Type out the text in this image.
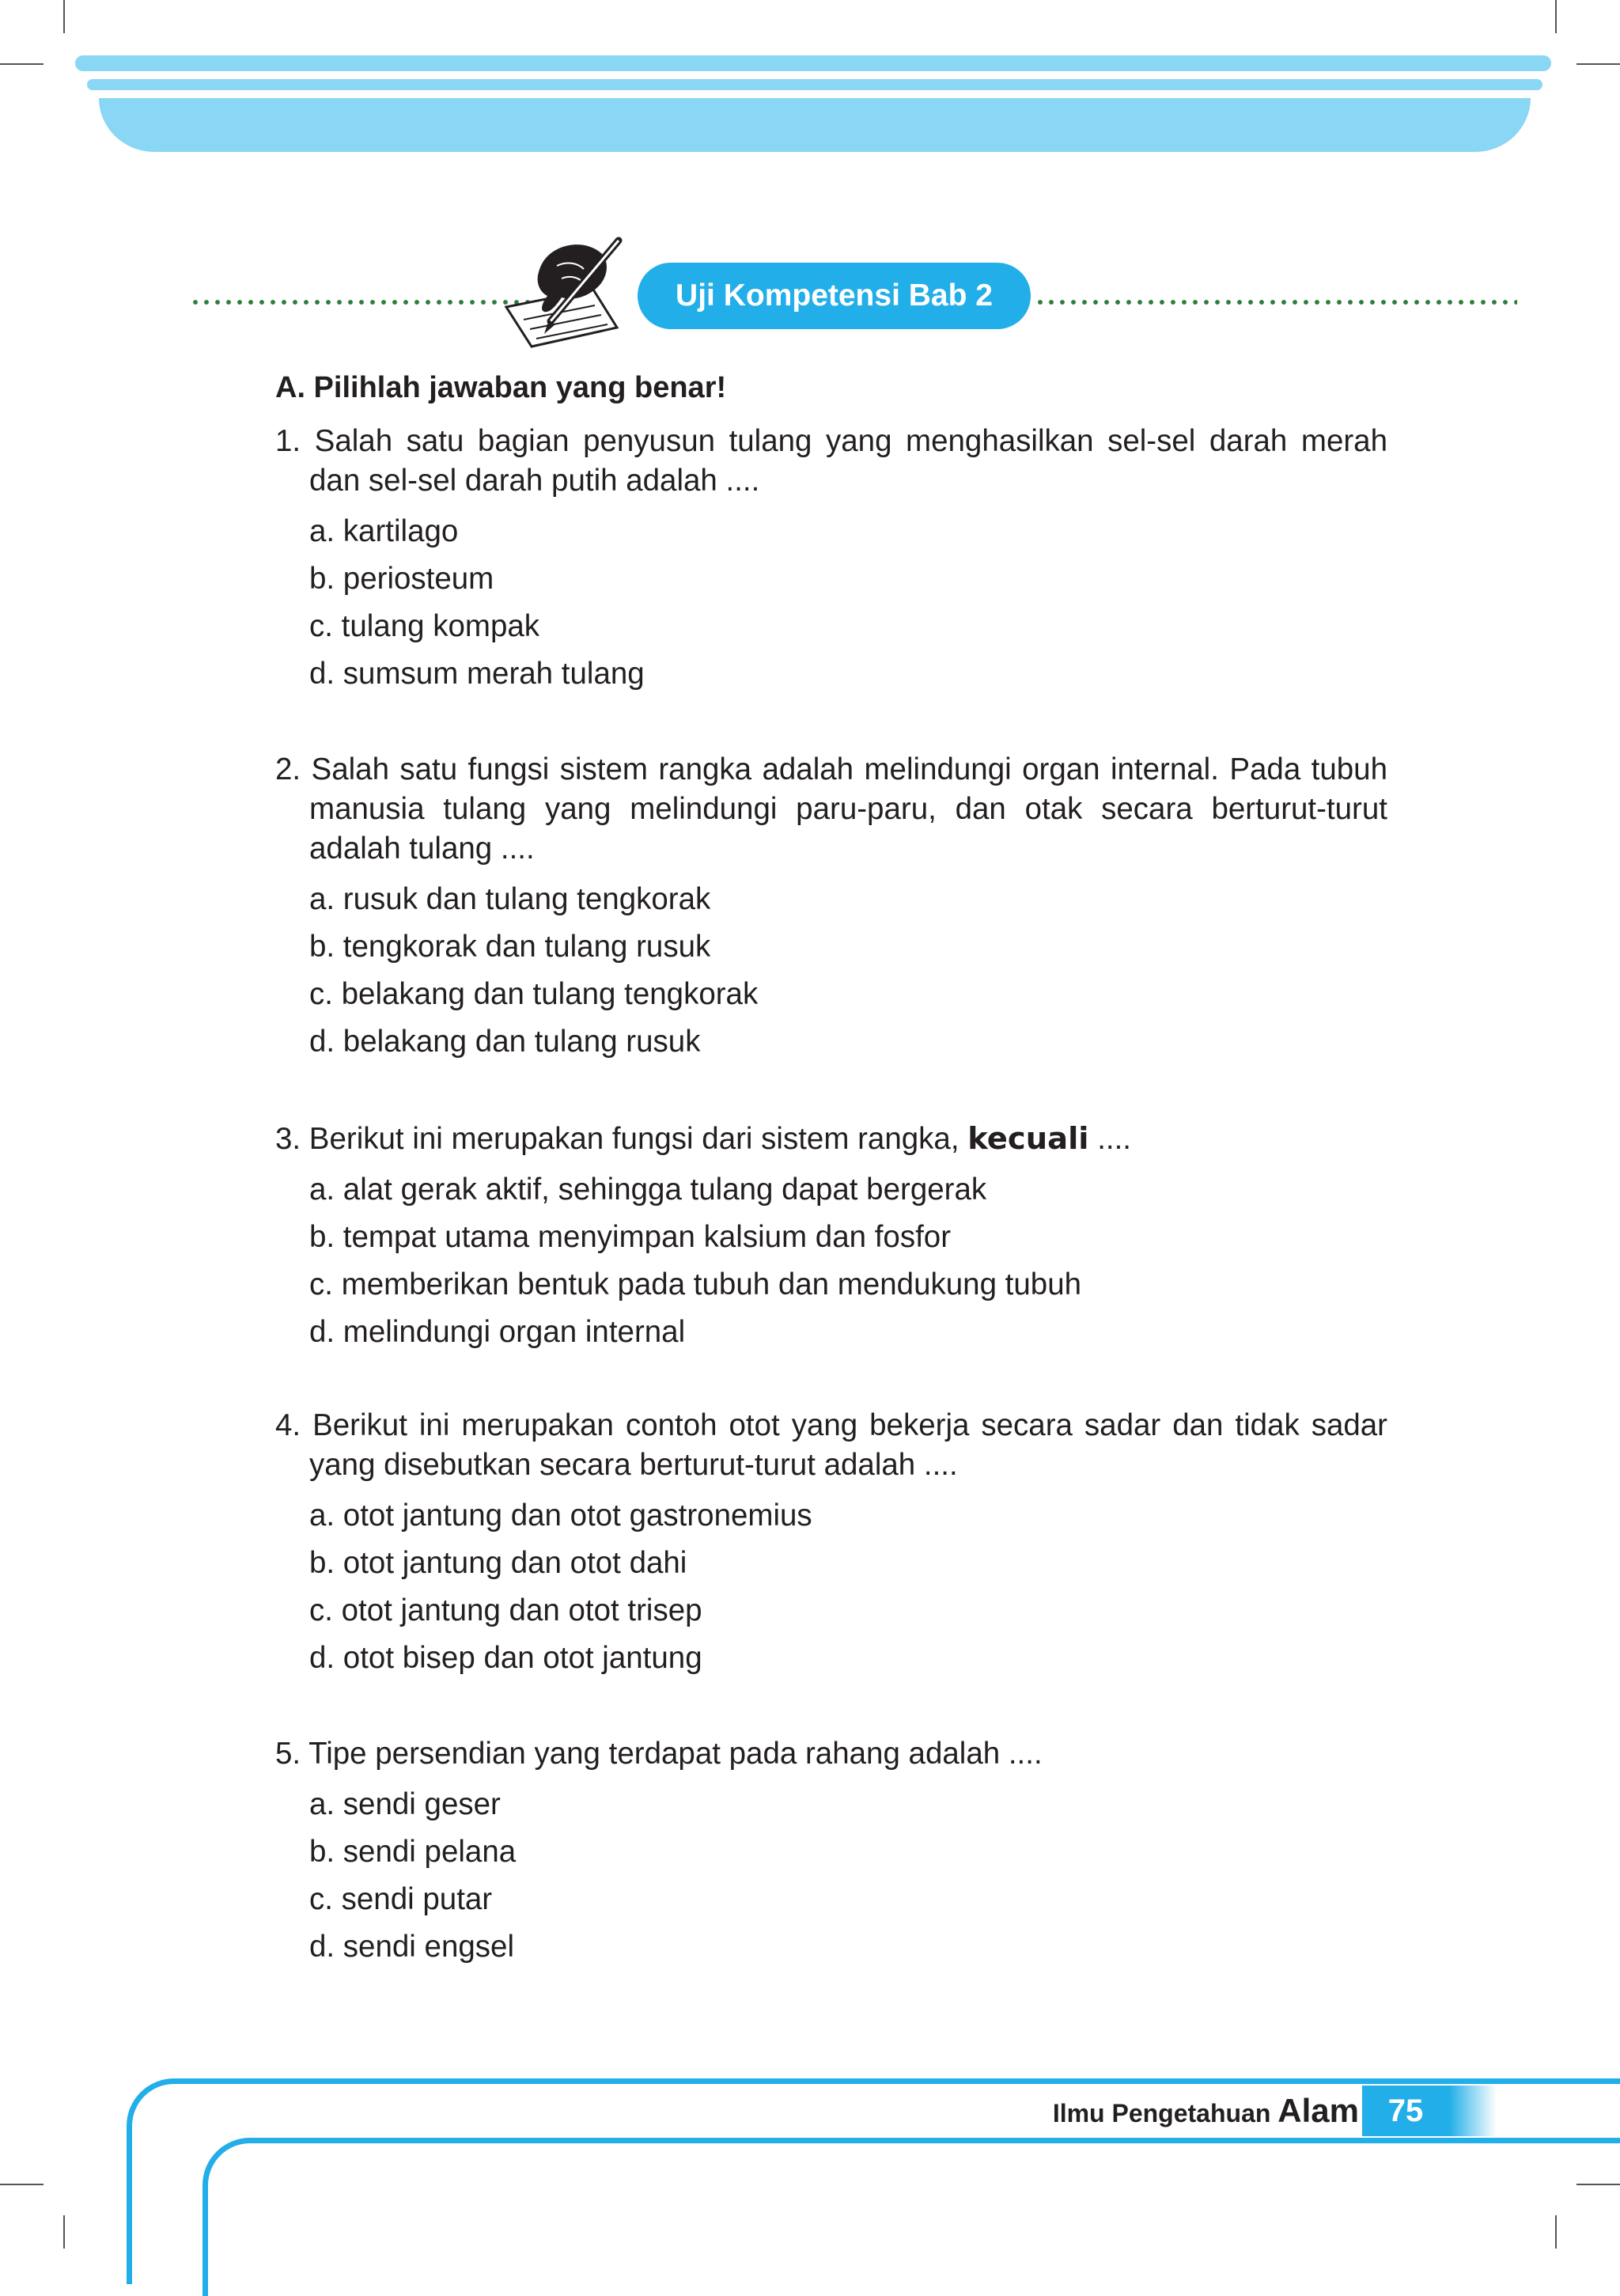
Uji Kompetensi Bab 2
A. Pilihlah jawaban yang benar!
1. Salah satu bagian penyusun tulang yang menghasilkan sel-sel darah merah dan sel-sel darah putih adalah ....
a. kartilago
b. periosteum
c. tulang kompak
d. sumsum merah tulang
2. Salah satu fungsi sistem rangka adalah melindungi organ internal. Pada tubuh manusia tulang yang melindungi paru-paru, dan otak secara berturut-turut adalah tulang ....
a. rusuk dan tulang tengkorak
b. tengkorak dan tulang rusuk
c. belakang dan tulang tengkorak
d. belakang dan tulang rusuk
3. Berikut ini merupakan fungsi dari sistem rangka, kecuali ....
a. alat gerak aktif, sehingga tulang dapat bergerak
b. tempat utama menyimpan kalsium dan fosfor
c. memberikan bentuk pada tubuh dan mendukung tubuh
d. melindungi organ internal
4. Berikut ini merupakan contoh otot yang bekerja secara sadar dan tidak sadar yang disebutkan secara berturut-turut adalah ....
a. otot jantung dan otot gastronemius
b. otot jantung dan otot dahi
c. otot jantung dan otot trisep
d. otot bisep dan otot jantung
5. Tipe persendian yang terdapat pada rahang adalah ....
a. sendi geser
b. sendi pelana
c. sendi putar
d. sendi engsel
Ilmu Pengetahuan Alam 75
